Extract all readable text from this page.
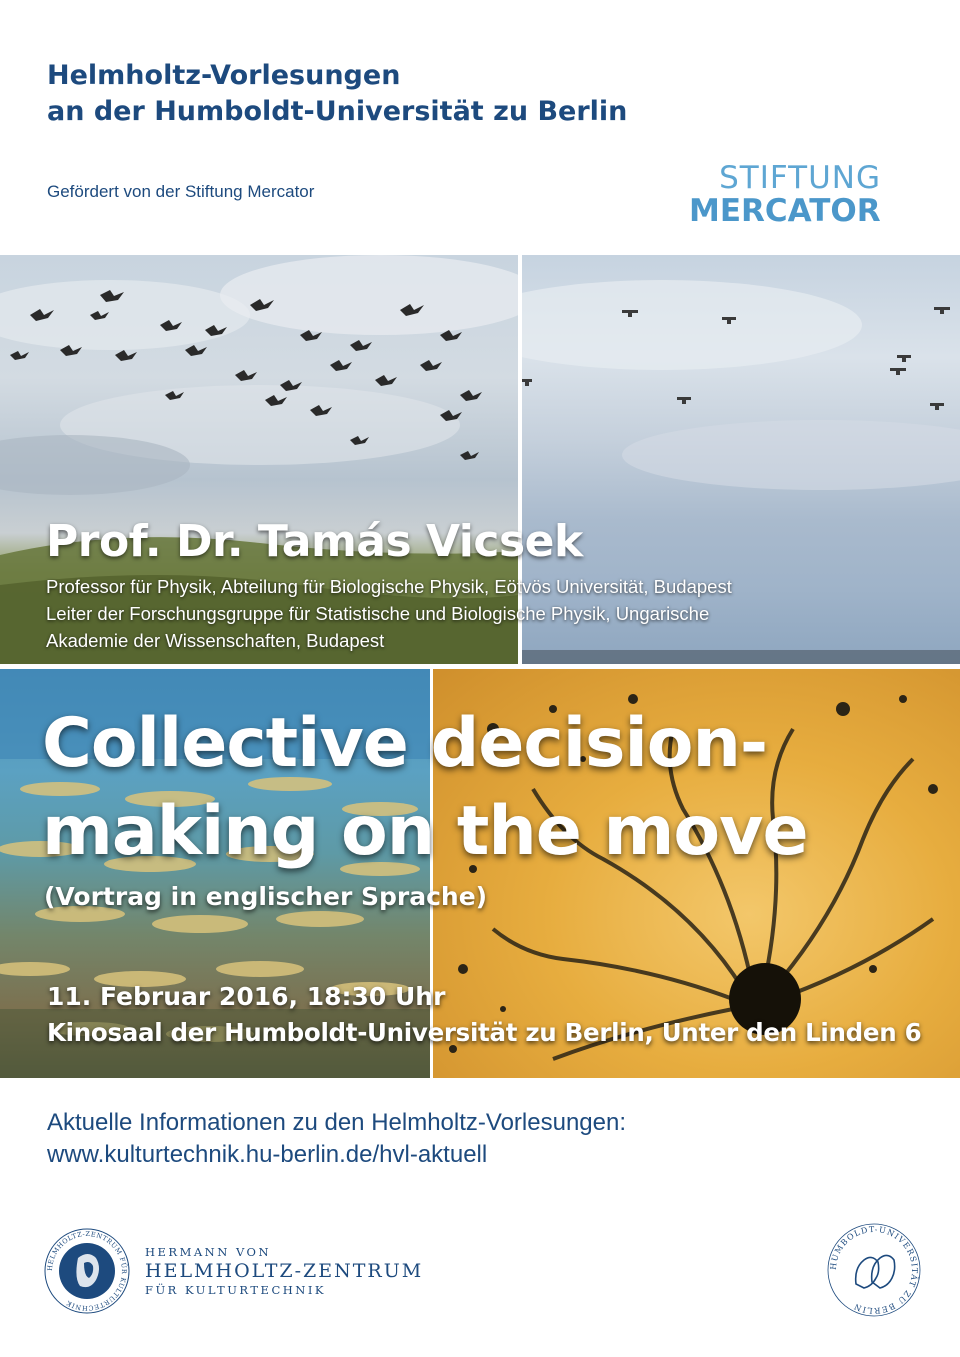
Helmholtz-Vorlesungen
an der Humboldt-Universität zu Berlin
Gefördert von der Stiftung Mercator	STIFTUNG
MERCATOR
Prof. Dr. Tamás Vicsek

Professor für Physik, Abteilung für Biologische Physik, Eötvös Universität, Budapest
Leiter der Forschungsgruppe für Statistische und Biologische Physik, Ungarische
Akademie der Wissenschaften, Budapest

Collective decision-
making on the move
(Vortrag in englischer Sprache)
11. Februar 2016, 18:30 Uhr
Kinosaal der Humboldt-Universität zu Berlin, Unter den Linden 6
Aktuelle Informationen zu den Helmholtz-Vorlesungen:
www.kulturtechnik.hu-berlin.de/hvl-aktuell
HELMHOLTZ-ZENTRUM FÜR KULTURTECHNIK
HERMANN VON
HELMHOLTZ-ZENTRUM
FÜR KULTURTECHNIK
HUMBOLDT-UNIVERSITÄT ZU BERLIN
